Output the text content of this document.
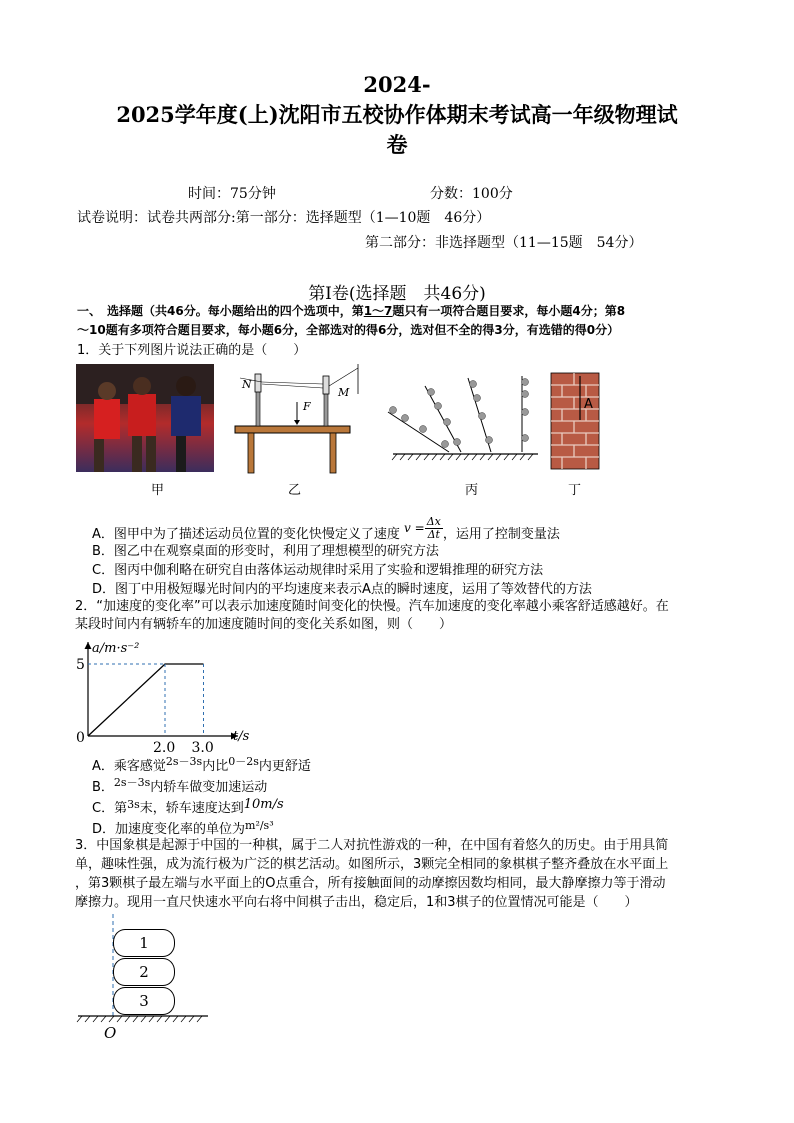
2024-
2025学年度(上)沈阳市五校协作体期末考试高一年级物理试
卷
时间：75分钟	分数：100分
试卷说明：试卷共两部分:第一部分：选择题型（1—10题　46分）
第二部分：非选择题型（11—15题　54分）
第Ⅰ卷(选择题　共46分)
一、　选择题（共46分。每小题给出的四个选项中，第1～7题只有一项符合题目要求，每小题4分；第8
～10题有多项符合题目要求，每小题6分，全部选对的得6分，选对但不全的得3分，有选错的得0分）
1．关于下列图片说法正确的是（　　）
甲
N
M
F
乙	丙
A
丁
A．图甲中为了描述运动员位置的变化快慢定义了速度 $v = \frac{\Delta x}{\Delta t}$ ，运用了控制变量法
B．图乙中在观察桌面的形变时，利用了理想模型的研究方法
C．图丙中伽利略在研究自由落体运动规律时采用了实验和逻辑推理的研究方法
D．图丁中用极短曝光时间内的平均速度来表示A点的瞬时速度，运用了等效替代的方法
2．“加速度的变化率”可以表示加速度随时间变化的快慢。汽车加速度的变化率越小乘客舒适感越好。在
某段时间内有辆轿车的加速度随时间的变化关系如图，则（　　）
2.0 3.0
5
a/m·s⁻²
t/s
0
A．乘客感觉$^{2s-3s}$内比$^{0-2s}$内更舒适
B．$^{2s-3s}$内轿车做变加速运动
C．第$^{3s}$末，轿车速度达到10m/s
D．加速度变化率的单位为$^{m^2/s^3}$
3．中国象棋是起源于中国的一种棋，属于二人对抗性游戏的一种，在中国有着悠久的历史。由于用具简
单，趣味性强，成为流行极为广泛的棋艺活动。如图所示，3颗完全相同的象棋棋子整齐叠放在水平面上
，第3颗棋子最左端与水平面上的O点重合，所有接触面间的动摩擦因数均相同，最大静摩擦力等于滑动
摩擦力。现用一直尺快速水平向右将中间棋子击出，稳定后，1和3棋子的位置情况可能是（　　）
O
1
2
3
